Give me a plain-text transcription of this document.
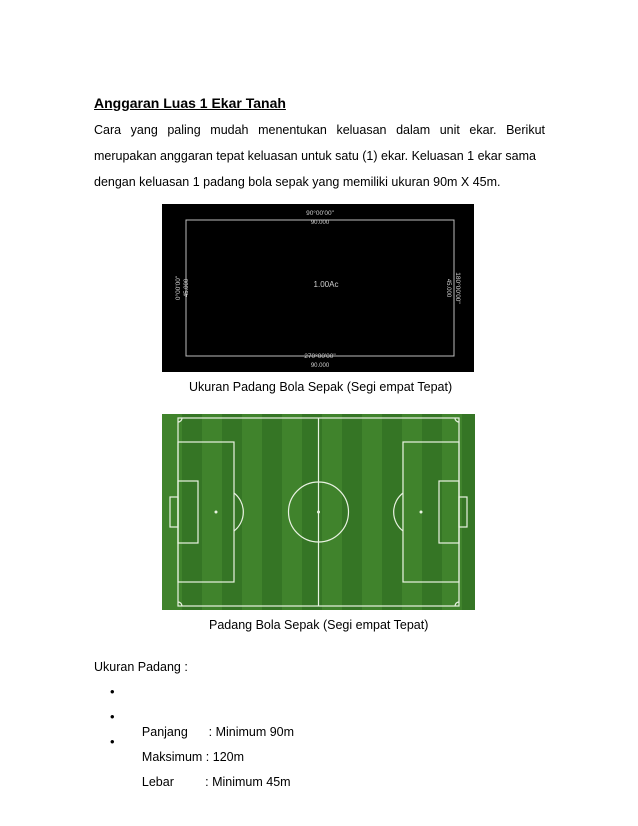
Anggaran Luas 1 Ekar Tanah
Cara yang paling mudah menentukan keluasan dalam unit ekar. Berikut
merupakan anggaran tepat keluasan untuk satu (1) ekar. Keluasan 1 ekar sama
dengan keluasan 1 padang bola sepak yang memiliki ukuran 90m X 45m.
90°00'00"
90.000
270°00'00"
90.000
0°00'00" 45.000	180°00'00"
45.000
1.00Ac
Ukuran Padang Bola Sepak (Segi empat Tepat)
Padang Bola Sepak (Segi empat Tepat)
Ukuran Padang :

•

Panjang      : Minimum 90m

•

Maksimum : 120m

•

Lebar         : Minimum 45m
